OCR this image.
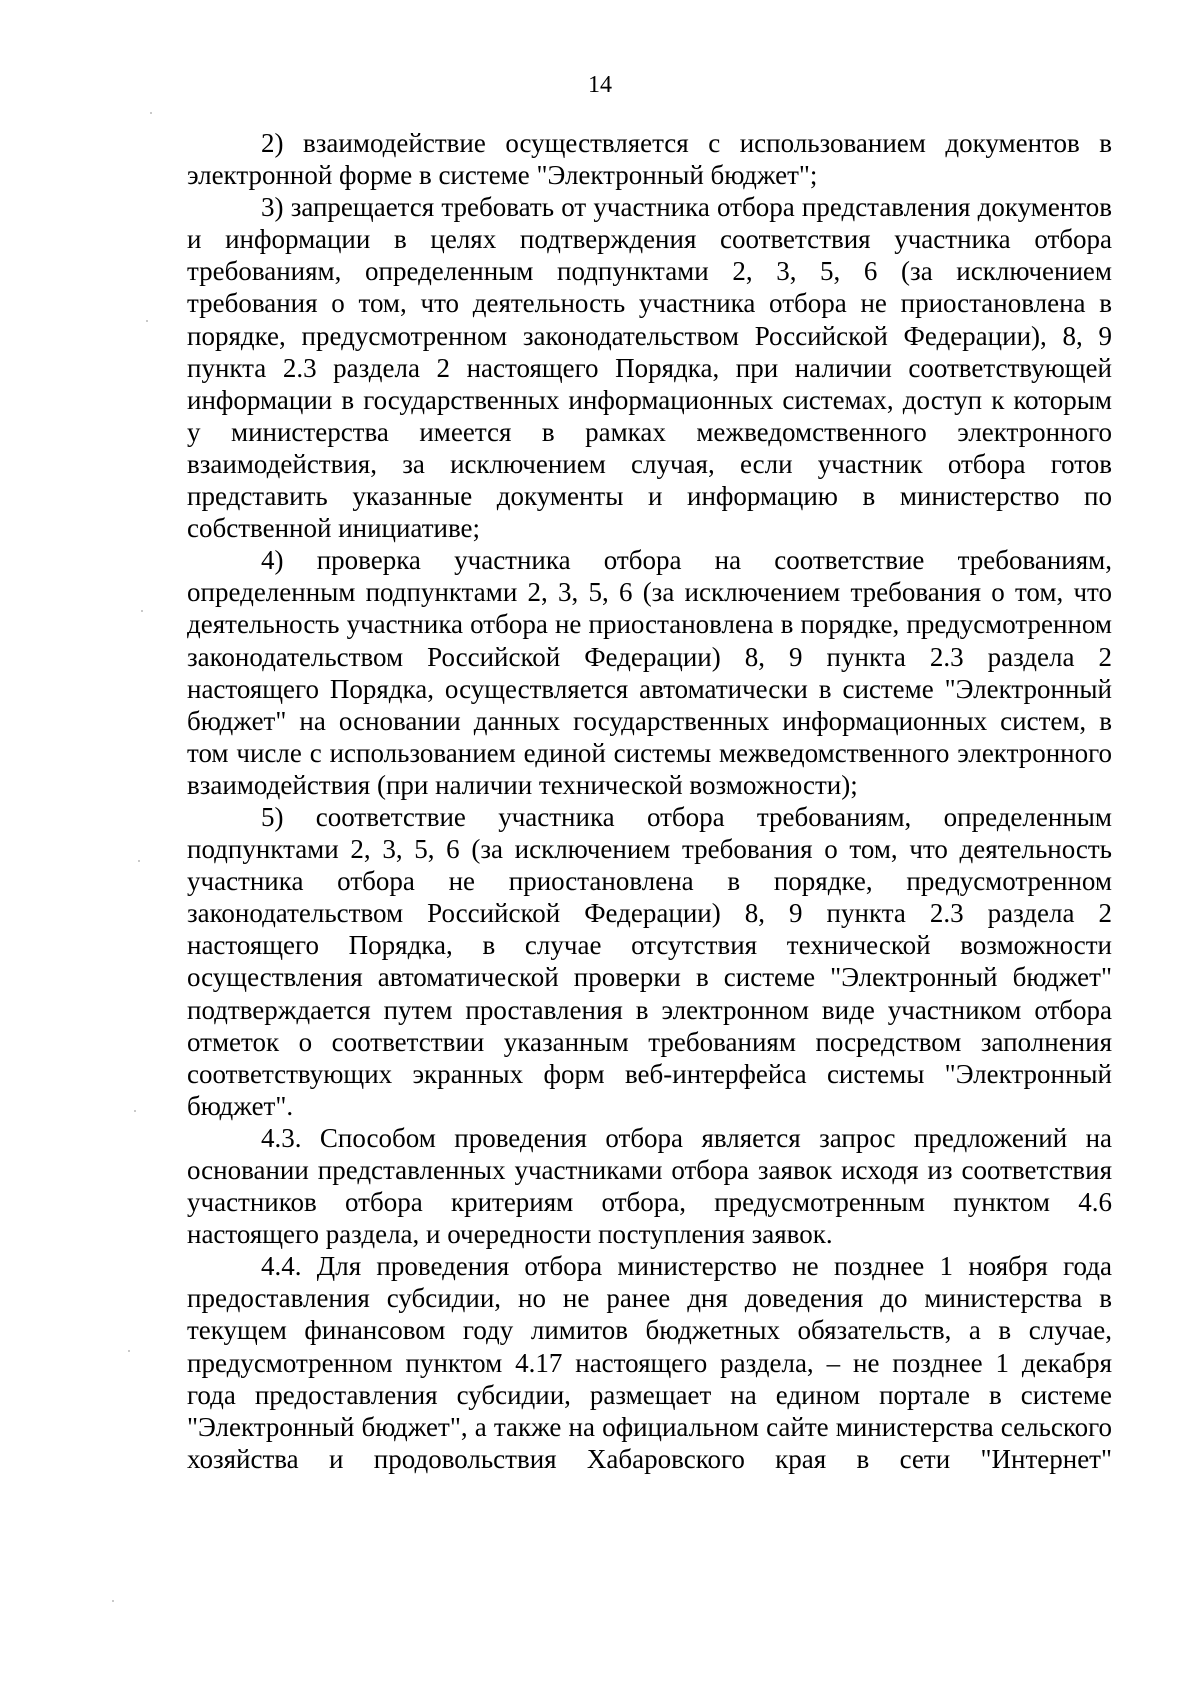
14

2) взаимодействие осуществляется с использованием документов в электронной форме в системе "Электронный бюджет";

3) запрещается требовать от участника отбора представления документов и информации в целях подтверждения соответствия участника отбора требованиям, определенным подпунктами 2, 3, 5, 6 (за исключением требования о том, что деятельность участника отбора не приостановлена в порядке, предусмотренном законодательством Российской Федерации), 8, 9 пункта 2.3 раздела 2 настоящего Порядка, при наличии соответствующей информации в государственных информационных системах, доступ к которым у министерства имеется в рамках межведомственного электронного взаимодействия, за исключением случая, если участник отбора готов представить указанные документы и информацию в министерство по собственной инициативе;

4) проверка участника отбора на соответствие требованиям, определенным подпунктами 2, 3, 5, 6 (за исключением требования о том, что деятельность участника отбора не приостановлена в порядке, предусмотренном законодательством Российской Федерации) 8, 9 пункта 2.3 раздела 2 настоящего Порядка, осуществляется автоматически в системе "Электронный бюджет" на основании данных государственных информационных систем, в том числе с использованием единой системы межведомственного электронного взаимодействия (при наличии технической возможности);

5) соответствие участника отбора требованиям, определенным подпунктами 2, 3, 5, 6 (за исключением требования о том, что деятельность участника отбора не приостановлена в порядке, предусмотренном законодательством Российской Федерации) 8, 9 пункта 2.3 раздела 2 настоящего Порядка, в случае отсутствия технической возможности осуществления автоматической проверки в системе "Электронный бюджет" подтверждается путем проставления в электронном виде участником отбора отметок о соответствии указанным требованиям посредством заполнения соответствующих экранных форм веб-интерфейса системы "Электронный бюджет".

4.3. Способом проведения отбора является запрос предложений на основании представленных участниками отбора заявок исходя из соответствия участников отбора критериям отбора, предусмотренным пунктом 4.6 настоящего раздела, и очередности поступления заявок.

4.4. Для проведения отбора министерство не позднее 1 ноября года предоставления субсидии, но не ранее дня доведения до министерства в текущем финансовом году лимитов бюджетных обязательств, а в случае, предусмотренном пунктом 4.17 настоящего раздела, – не позднее 1 декабря года предоставления субсидии, размещает на едином портале в системе "Электронный бюджет", а также на официальном сайте министерства сельского хозяйства и продовольствия Хабаровского края в сети "Интернет"
